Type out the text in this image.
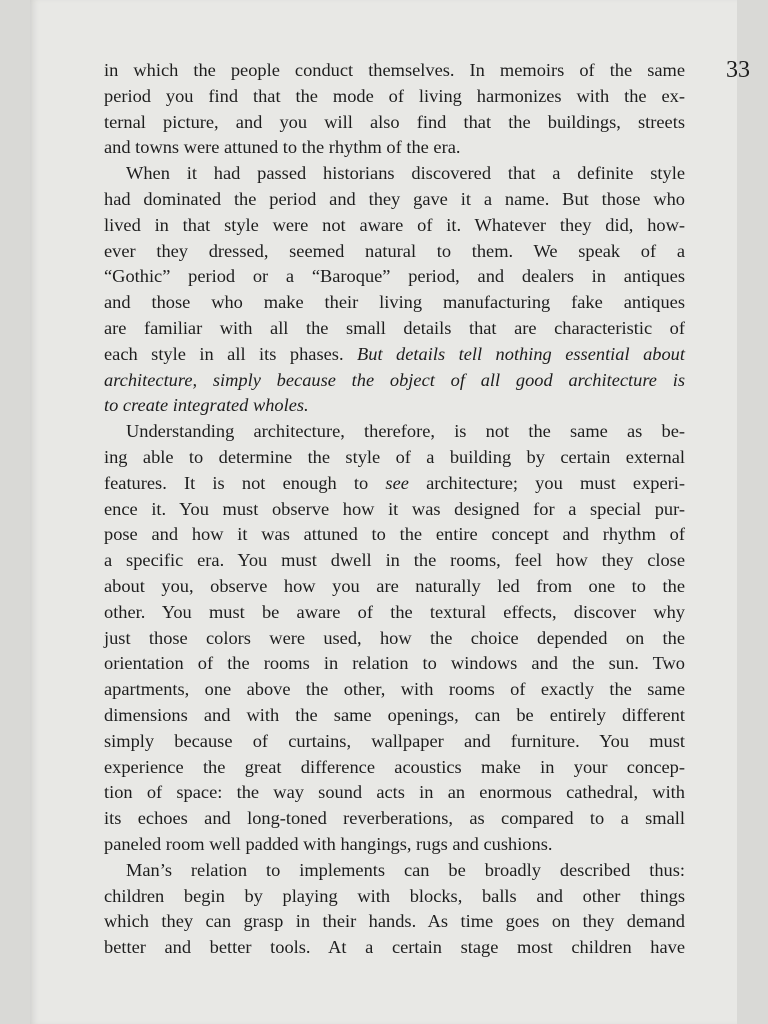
33

in which the people conduct themselves. In memoirs of the same
period you find that the mode of living harmonizes with the ex-
ternal picture, and you will also find that the buildings, streets
and towns were attuned to the rhythm of the era.

When it had passed historians discovered that a definite style
had dominated the period and they gave it a name. But those who
lived in that style were not aware of it. Whatever they did, how-
ever they dressed, seemed natural to them. We speak of a
“Gothic” period or a “Baroque” period, and dealers in antiques
and those who make their living manufacturing fake antiques
are familiar with all the small details that are characteristic of
each style in all its phases. But details tell nothing essential about
architecture, simply because the object of all good architecture is
to create integrated wholes.

Understanding architecture, therefore, is not the same as be-
ing able to determine the style of a building by certain external
features. It is not enough to see architecture; you must experi-
ence it. You must observe how it was designed for a special pur-
pose and how it was attuned to the entire concept and rhythm of
a specific era. You must dwell in the rooms, feel how they close
about you, observe how you are naturally led from one to the
other. You must be aware of the textural effects, discover why
just those colors were used, how the choice depended on the
orientation of the rooms in relation to windows and the sun. Two
apartments, one above the other, with rooms of exactly the same
dimensions and with the same openings, can be entirely different
simply because of curtains, wallpaper and furniture. You must
experience the great difference acoustics make in your concep-
tion of space: the way sound acts in an enormous cathedral, with
its echoes and long-toned reverberations, as compared to a small
paneled room well padded with hangings, rugs and cushions.

Man’s relation to implements can be broadly described thus:
children begin by playing with blocks, balls and other things
which they can grasp in their hands. As time goes on they demand
better and better tools. At a certain stage most children have
